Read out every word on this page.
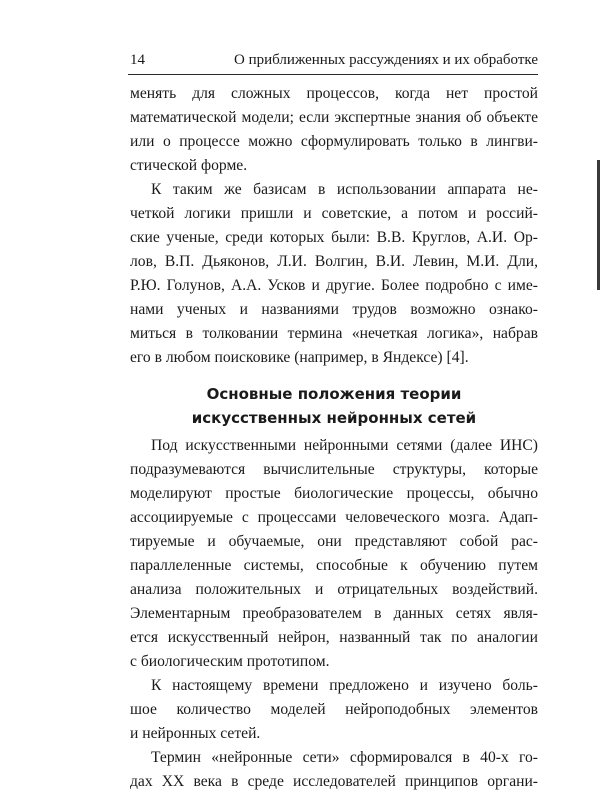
14	О приближенных рассуждениях и их обработке
менять для сложных процессов, когда нет простой
математической модели; если экспертные знания об объекте
или о процессе можно сформулировать только в лингви-
стической форме.
К таким же базисам в использовании аппарата не-
четкой логики пришли и советские, а потом и россий-
ские ученые, среди которых были: В.В. Круглов, А.И. Ор-
лов, В.П. Дьяконов, Л.И. Волгин, В.И. Левин, М.И. Дли,
Р.Ю. Голунов, А.А. Усков и другие. Более подробно с име-
нами ученых и названиями трудов возможно ознако-
миться в толковании термина «нечеткая логика», набрав
его в любом поисковике (например, в Яндексе) [4].
Основные положения теории
искусственных нейронных сетей
Под искусственными нейронными сетями (далее ИНС)
подразумеваются вычислительные структуры, которые
моделируют простые биологические процессы, обычно
ассоциируемые с процессами человеческого мозга. Адап-
тируемые и обучаемые, они представляют собой рас-
параллеленные системы, способные к обучению путем
анализа положительных и отрицательных воздействий.
Элементарным преобразователем в данных сетях явля-
ется искусственный нейрон, названный так по аналогии
с биологическим прототипом.
К настоящему времени предложено и изучено боль-
шое количество моделей нейроподобных элементов
и нейронных сетей.
Термин «нейронные сети» сформировался в 40-х го-
дах XX века в среде исследователей принципов органи-
